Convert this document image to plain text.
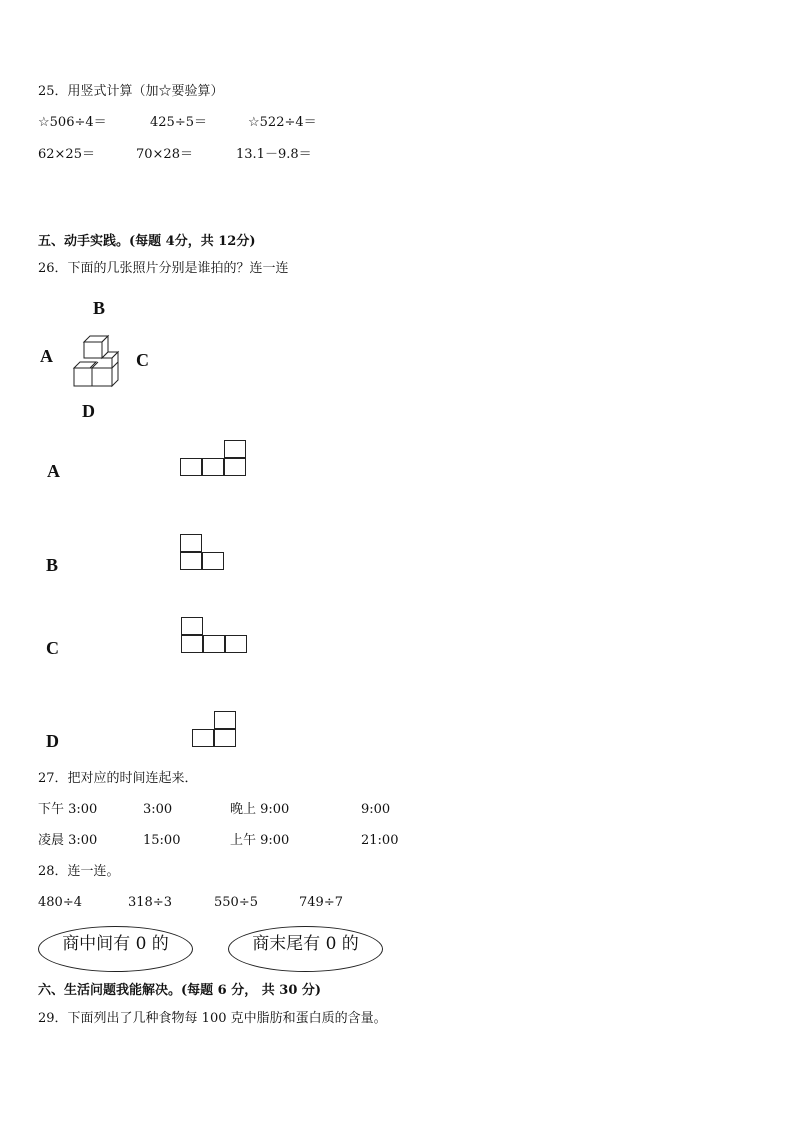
25．用竖式计算（加☆要验算）
☆506÷4＝	425÷5＝	☆522÷4＝
62×25＝	70×28＝	13.1－9.8＝
五、动手实践。(每题 4分，共 12分)
26．下面的几张照片分别是谁拍的？连一连
B
A	C
D
A
B
C
D
27．把对应的时间连起来．
下午 3:00	3:00	晚上 9:00	9:00
凌晨 3:00	15:00	上午 9:00	21:00
28．连一连。
480÷4	318÷3	550÷5	749÷7
商中间有 0 的	商末尾有 0 的
六、生活问题我能解决。(每题 6 分， 共 30 分)
29．下面列出了几种食物每 100 克中脂肪和蛋白质的含量。
